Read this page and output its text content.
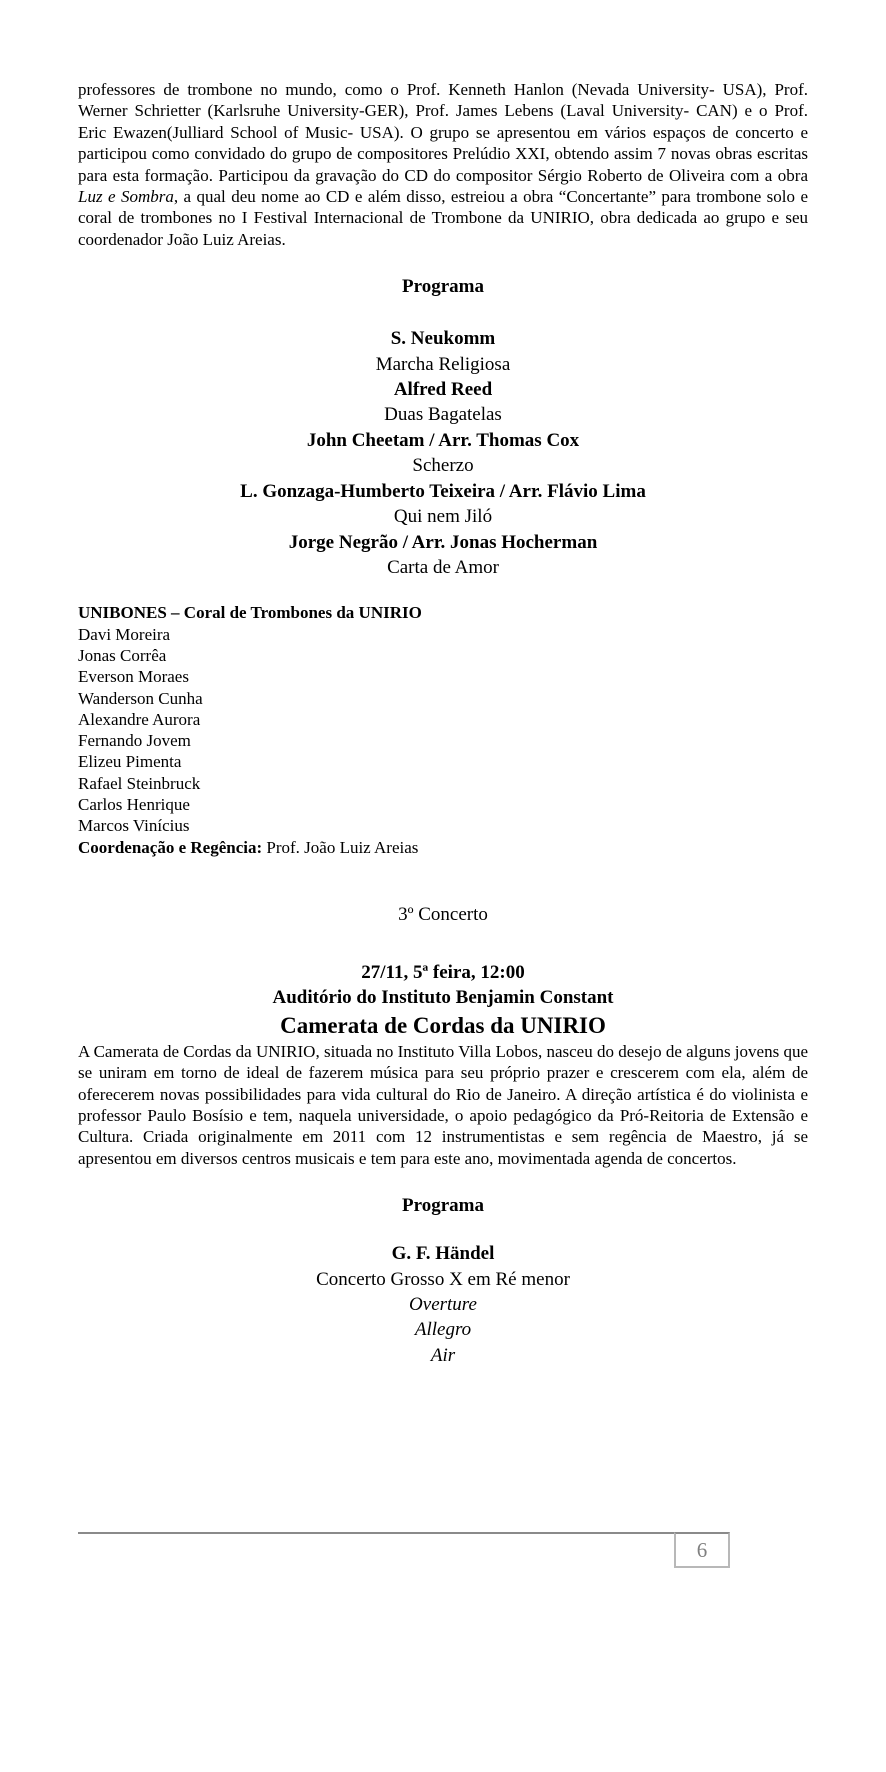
professores de trombone no mundo, como o Prof. Kenneth Hanlon (Nevada University- USA), Prof. Werner Schrietter (Karlsruhe University-GER), Prof. James Lebens (Laval University- CAN) e o Prof. Eric Ewazen(Julliard School of Music- USA). O grupo se apresentou em vários espaços de concerto e participou como convidado do grupo de compositores Prelúdio XXI, obtendo assim 7 novas obras escritas para esta formação. Participou da gravação do CD do compositor Sérgio Roberto de Oliveira com a obra Luz e Sombra, a qual deu nome ao CD e além disso, estreiou a obra “Concertante” para trombone solo e coral de trombones no I Festival Internacional de Trombone da UNIRIO, obra dedicada ao grupo e seu coordenador João Luiz Areias.

Programa
S. Neukomm
Marcha Religiosa
Alfred Reed
Duas Bagatelas
John Cheetam / Arr. Thomas Cox
Scherzo
L. Gonzaga-Humberto Teixeira / Arr. Flávio Lima
Qui nem Jiló
Jorge Negrão / Arr. Jonas Hocherman
Carta de Amor
UNIBONES – Coral de Trombones da UNIRIO
Davi Moreira
Jonas Corrêa
Everson Moraes
Wanderson Cunha
Alexandre Aurora
Fernando Jovem
Elizeu Pimenta
Rafael Steinbruck
Carlos Henrique
Marcos Vinícius
Coordenação e Regência: Prof. João Luiz Areias
3º Concerto
27/11, 5ª feira, 12:00
Auditório do Instituto Benjamin Constant
Camerata de Cordas da UNIRIO

A Camerata de Cordas da UNIRIO, situada no Instituto Villa Lobos, nasceu do desejo de alguns jovens que se uniram em torno de ideal de fazerem música para seu próprio prazer e crescerem com ela, além de oferecerem novas possibilidades para vida cultural do Rio de Janeiro. A direção artística é do violinista e professor Paulo Bosísio e tem, naquela universidade, o apoio pedagógico da Pró-Reitoria de Extensão e Cultura. Criada originalmente em 2011 com 12 instrumentistas e sem regência de Maestro, já se apresentou em diversos centros musicais e tem para este ano, movimentada agenda de concertos.

Programa
G. F. Händel
Concerto Grosso X em Ré menor
Overture
Allegro
Air
6
